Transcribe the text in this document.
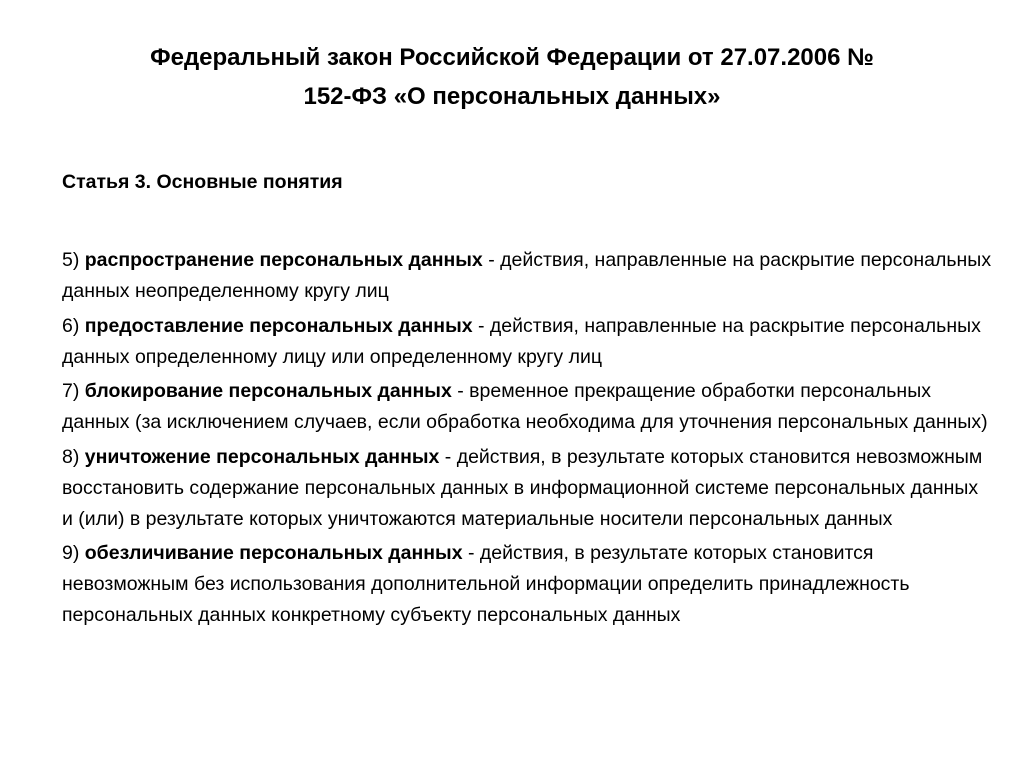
Федеральный закон Российской Федерации от 27.07.2006 №
152-ФЗ «О персональных данных»
Статья 3. Основные понятия

5) распространение персональных данных - действия, направленные на раскрытие персональных данных неопределенному кругу лиц

6) предоставление персональных данных - действия, направленные на раскрытие персональных данных определенному лицу или определенному кругу лиц

7) блокирование персональных данных - временное прекращение обработки персональных данных (за исключением случаев, если обработка необходима для уточнения персональных данных)

8) уничтожение персональных данных - действия, в результате которых становится невозможным восстановить содержание персональных данных в информационной системе персональных данных и (или) в результате которых уничтожаются материальные носители персональных данных

9) обезличивание персональных данных - действия, в результате которых становится невозможным без использования дополнительной информации определить принадлежность персональных данных конкретному субъекту персональных данных
